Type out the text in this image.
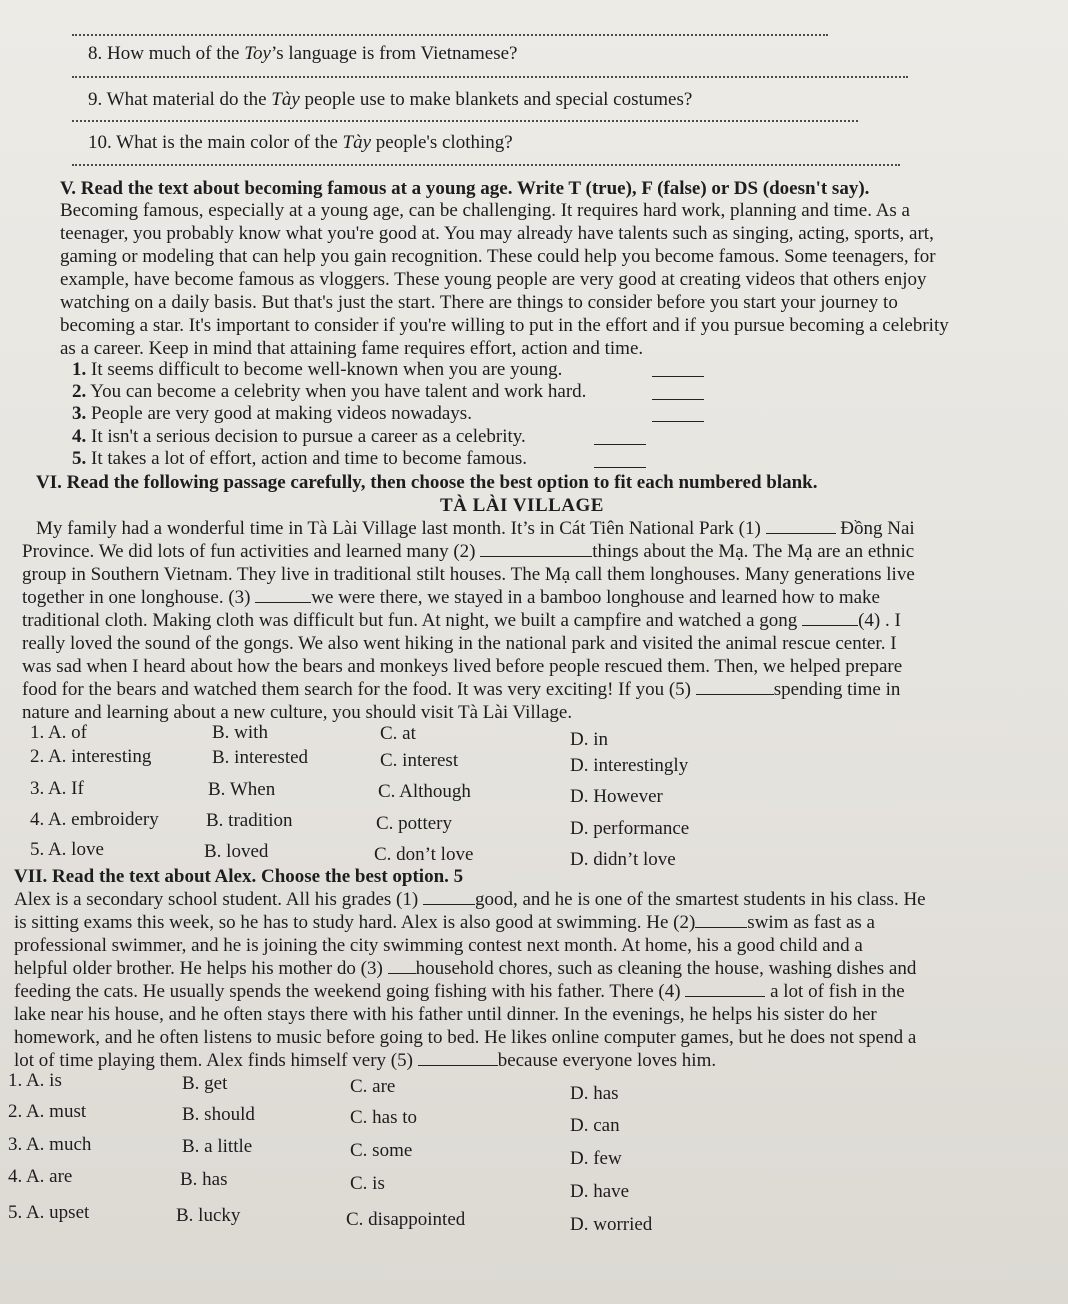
8. How much of the Toy’s language is from Vietnamese?
9. What material do the Tày people use to make blankets and special costumes?
10. What is the main color of the Tày people's clothing?
V. Read the text about becoming famous at a young age. Write T (true), F (false) or DS (doesn't say).
Becoming famous, especially at a young age, can be challenging. It requires hard work, planning and time. As a
teenager, you probably know what you're good at. You may already have talents such as singing, acting, sports, art,
gaming or modeling that can help you gain recognition. These could help you become famous. Some teenagers, for
example, have become famous as vloggers. These young people are very good at creating videos that others enjoy
watching on a daily basis. But that's just the start. There are things to consider before you start your journey to
becoming a star. It's important to consider if you're willing to put in the effort and if you pursue becoming a celebrity
as a career. Keep in mind that attaining fame requires effort, action and time.
1. It seems difficult to become well-known when you are young.
2. You can become a celebrity when you have talent and work hard.
3. People are very good at making videos nowadays.
4. It isn't a serious decision to pursue a career as a celebrity.
5. It takes a lot of effort, action and time to become famous.
VI. Read the following passage carefully, then choose the best option to fit each numbered blank.
TÀ LÀI VILLAGE
My family had a wonderful time in Tà Lài Village last month. It’s in Cát Tiên National Park (1)	Đồng Nai
Province. We did lots of fun activities and learned many (2)	things about the Mạ. The Mạ are an ethnic
group in Southern Vietnam. They live in traditional stilt houses. The Mạ call them longhouses. Many generations live
together in one longhouse. (3)	we were there, we stayed in a bamboo longhouse and learned how to make
traditional cloth. Making cloth was difficult but fun. At night, we built a campfire and watched a gong	(4) . I
really loved the sound of the gongs. We also went hiking in the national park and visited the animal rescue center. I
was sad when I heard about how the bears and monkeys lived before people rescued them. Then, we helped prepare
food for the bears and watched them search for the food. It was very exciting! If you (5)	spending time in
nature and learning about a new culture, you should visit Tà Lài Village.
1. A. of	B. with	C. at	D. in
2. A. interesting	B. interested	C. interest	D. interestingly
3. A. If	B. When	C. Although	D. However
4. A. embroidery B. tradition	C. pottery	D. performance
5. A. love	B. loved	C. don’t love	D. didn’t love
VII. Read the text about Alex. Choose the best option. 5
Alex is a secondary school student. All his grades (1)	good, and he is one of the smartest students in his class. He
is sitting exams this week, so he has to study hard. Alex is also good at swimming. He (2)	swim as fast as a
professional swimmer, and he is joining the city swimming contest next month. At home, his a good child and a
helpful older brother. He helps his mother do (3) household chores, such as cleaning the house, washing dishes and
feeding the cats. He usually spends the weekend going fishing with his father. There (4)	a lot of fish in the
lake near his house, and he often stays there with his father until dinner. In the evenings, he helps his sister do her
homework, and he often listens to music before going to bed. He likes online computer games, but he does not spend a
lot of time playing them. Alex finds himself very (5)	because everyone loves him.
1. A. is	B. get	C. are	D. has
2. A. must	B. should	C. has to	D. can
3. A. much	B. a little	C. some	D. few
4. A. are	B. has	C. is	D. have
5. A. upset	B. lucky	C. disappointed	D. worried
